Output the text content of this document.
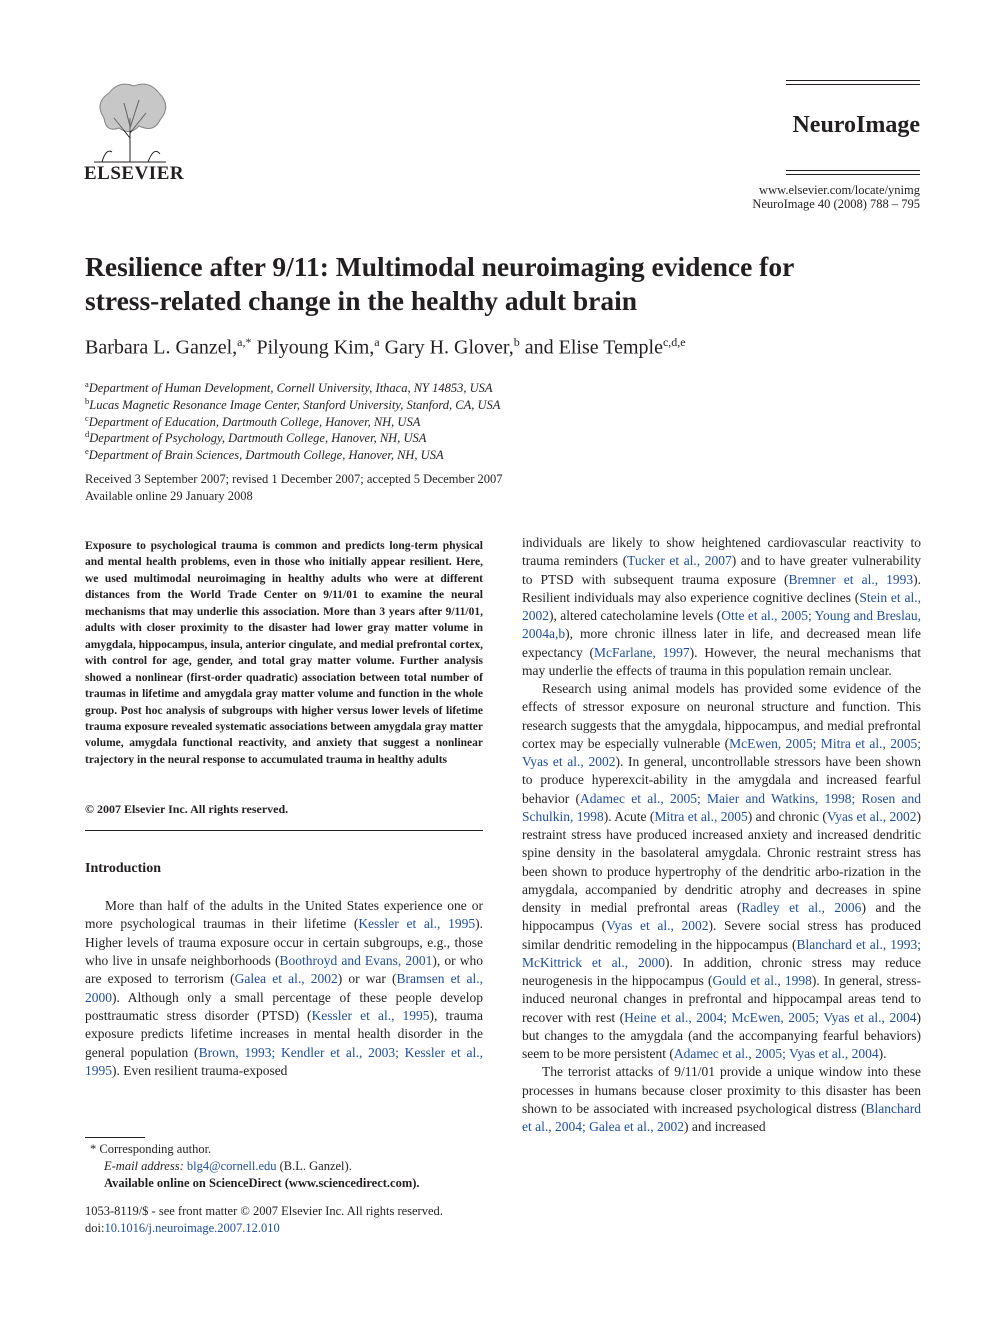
ELSEVIER
NeuroImage
www.elsevier.com/locate/ynimg
NeuroImage 40 (2008) 788 – 795
Resilience after 9/11: Multimodal neuroimaging evidence for
stress-related change in the healthy adult brain
Barbara L. Ganzel,$^{a,*}$ Pilyoung Kim,$^a$ Gary H. Glover,$^b$ and Elise Temple$^{c,d,e}$
$^a$Department of Human Development, Cornell University, Ithaca, NY 14853, USA
$^b$Lucas Magnetic Resonance Image Center, Stanford University, Stanford, CA, USA
$^c$Department of Education, Dartmouth College, Hanover, NH, USA
$^d$Department of Psychology, Dartmouth College, Hanover, NH, USA
$^e$Department of Brain Sciences, Dartmouth College, Hanover, NH, USA
Received 3 September 2007; revised 1 December 2007; accepted 5 December 2007
Available online 29 January 2008
Exposure to psychological trauma is common and predicts long-term physical and mental health problems, even in those who initially appear resilient. Here, we used multimodal neuroimaging in healthy adults who were at different distances from the World Trade Center on 9/11/01 to examine the neural mechanisms that may underlie this association. More than 3 years after 9/11/01, adults with closer proximity to the disaster had lower gray matter volume in amygdala, hippocampus, insula, anterior cingulate, and medial prefrontal cortex, with control for age, gender, and total gray matter volume. Further analysis showed a nonlinear (first-order quadratic) association between total number of traumas in lifetime and amygdala gray matter volume and function in the whole group. Post hoc analysis of subgroups with higher versus lower levels of lifetime trauma exposure revealed systematic associations between amygdala gray matter volume, amygdala functional reactivity, and anxiety that suggest a nonlinear trajectory in the neural response to accumulated trauma in healthy adults
© 2007 Elsevier Inc. All rights reserved.
Introduction
More than half of the adults in the United States experience one or more psychological traumas in their lifetime (Kessler et al., 1995). Higher levels of trauma exposure occur in certain subgroups, e.g., those who live in unsafe neighborhoods (Boothroyd and Evans, 2001), or who are exposed to terrorism (Galea et al., 2002) or war (Bramsen et al., 2000). Although only a small percentage of these people develop posttraumatic stress disorder (PTSD) (Kessler et al., 1995), trauma exposure predicts lifetime increases in mental health disorder in the general population (Brown, 1993; Kendler et al., 2003; Kessler et al., 1995). Even resilient trauma-exposed
* Corresponding author.
E-mail address: blg4@cornell.edu (B.L. Ganzel).
Available online on ScienceDirect (www.sciencedirect.com).
1053-8119/$ - see front matter © 2007 Elsevier Inc. All rights reserved.
doi:10.1016/j.neuroimage.2007.12.010

individuals are likely to show heightened cardiovascular reactivity to trauma reminders (Tucker et al., 2007) and to have greater vulnerability to PTSD with subsequent trauma exposure (Bremner et al., 1993). Resilient individuals may also experience cognitive declines (Stein et al., 2002), altered catecholamine levels (Otte et al., 2005; Young and Breslau, 2004a,b), more chronic illness later in life, and decreased mean life expectancy (McFarlane, 1997). However, the neural mechanisms that may underlie the effects of trauma in this population remain unclear.

Research using animal models has provided some evidence of the effects of stressor exposure on neuronal structure and function. This research suggests that the amygdala, hippocampus, and medial prefrontal cortex may be especially vulnerable (McEwen, 2005; Mitra et al., 2005; Vyas et al., 2002). In general, uncontrollable stressors have been shown to produce hyperexcit-ability in the amygdala and increased fearful behavior (Adamec et al., 2005; Maier and Watkins, 1998; Rosen and Schulkin, 1998). Acute (Mitra et al., 2005) and chronic (Vyas et al., 2002) restraint stress have produced increased anxiety and increased dendritic spine density in the basolateral amygdala. Chronic restraint stress has been shown to produce hypertrophy of the dendritic arbo-rization in the amygdala, accompanied by dendritic atrophy and decreases in spine density in medial prefrontal areas (Radley et al., 2006) and the hippocampus (Vyas et al., 2002). Severe social stress has produced similar dendritic remodeling in the hippocampus (Blanchard et al., 1993; McKittrick et al., 2000). In addition, chronic stress may reduce neurogenesis in the hippocampus (Gould et al., 1998). In general, stress-induced neuronal changes in prefrontal and hippocampal areas tend to recover with rest (Heine et al., 2004; McEwen, 2005; Vyas et al., 2004) but changes to the amygdala (and the accompanying fearful behaviors) seem to be more persistent (Adamec et al., 2005; Vyas et al., 2004).

The terrorist attacks of 9/11/01 provide a unique window into these processes in humans because closer proximity to this disaster has been shown to be associated with increased psychological distress (Blanchard et al., 2004; Galea et al., 2002) and increased
